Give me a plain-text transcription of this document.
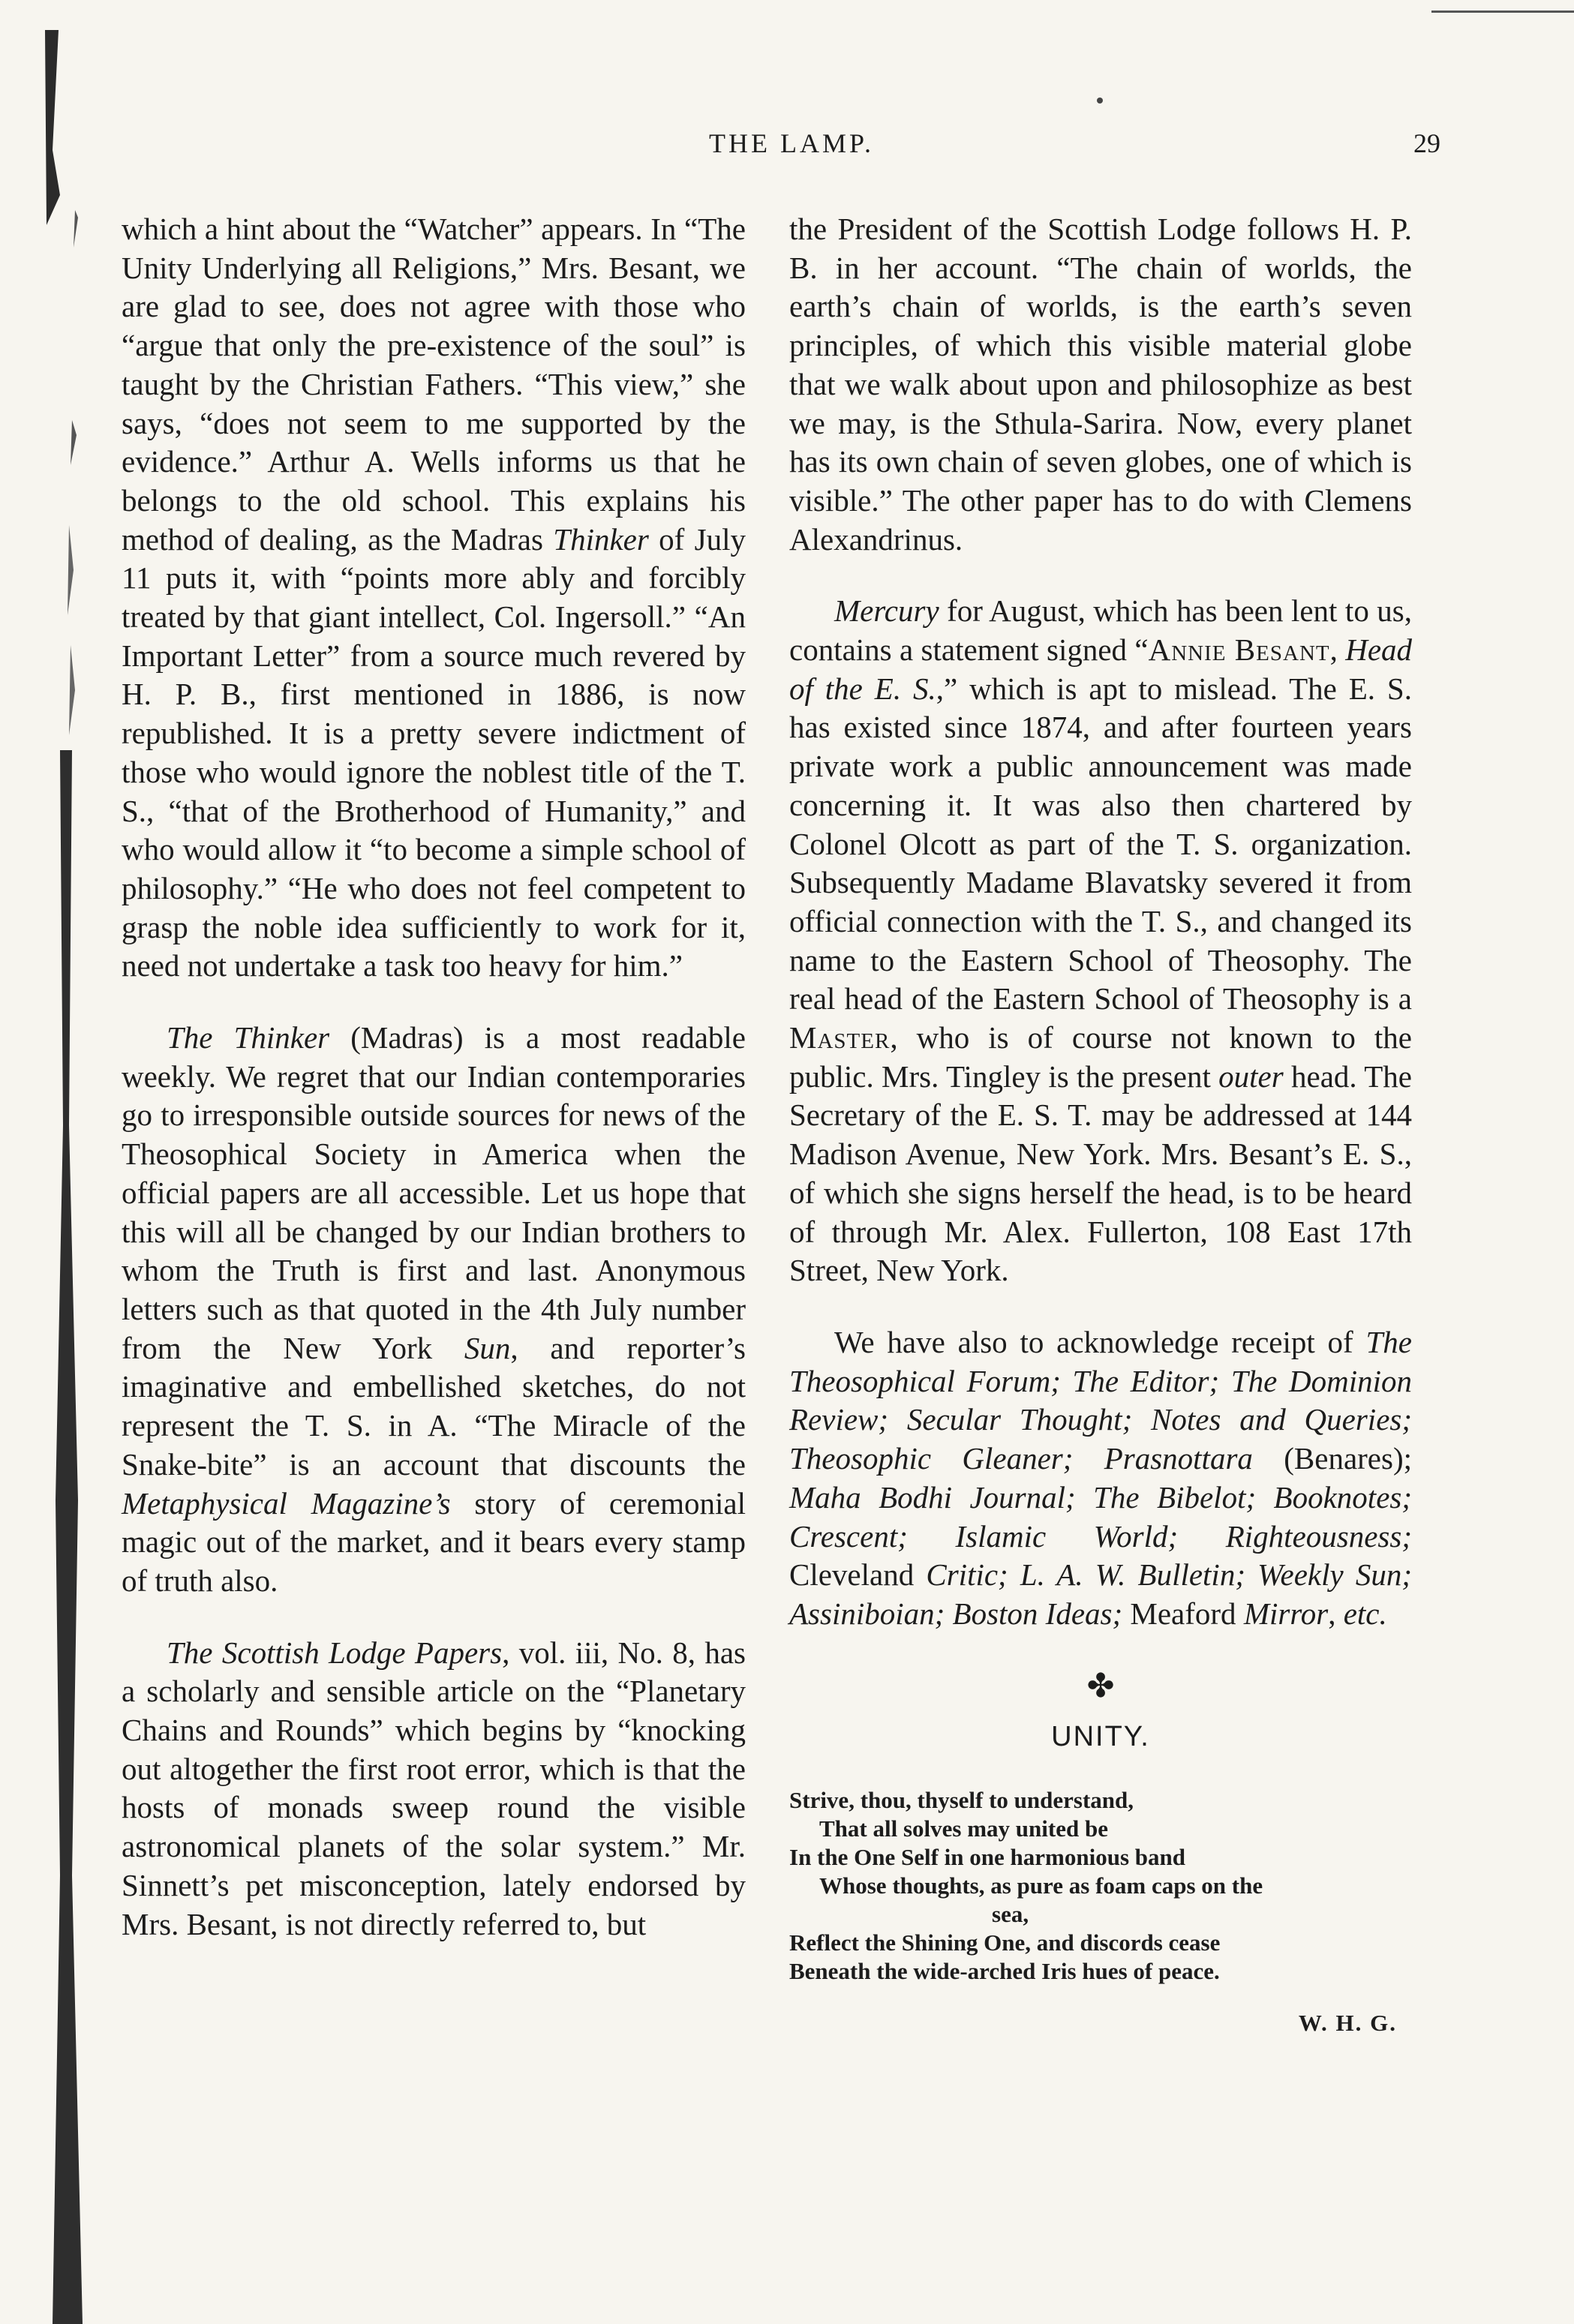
THE LAMP.	29

which a hint about the “Watcher” appears. In “The Unity Underlying all Religions,” Mrs. Besant, we are glad to see, does not agree with those who “argue that only the pre-existence of the soul” is taught by the Christian Fathers. “This view,” she says, “does not seem to me supported by the evidence.” Arthur A. Wells informs us that he belongs to the old school. This explains his method of dealing, as the Madras Thinker of July 11 puts it, with “points more ably and forcibly treated by that giant intellect, Col. Ingersoll.” “An Important Letter” from a source much revered by H. P. B., first mentioned in 1886, is now republished. It is a pretty severe indictment of those who would ignore the noblest title of the T. S., “that of the Brotherhood of Humanity,” and who would allow it “to become a simple school of philosophy.” “He who does not feel competent to grasp the noble idea sufficiently to work for it, need not undertake a task too heavy for him.”

The Thinker (Madras) is a most readable weekly. We regret that our Indian contemporaries go to irresponsible outside sources for news of the Theosophical Society in America when the official papers are all accessible. Let us hope that this will all be changed by our Indian brothers to whom the Truth is first and last. Anonymous letters such as that quoted in the 4th July number from the New York Sun, and reporter’s imaginative and embellished sketches, do not represent the T. S. in A. “The Miracle of the Snake-bite” is an account that discounts the Metaphysical Magazine’s story of ceremonial magic out of the market, and it bears every stamp of truth also.

The Scottish Lodge Papers, vol. iii, No. 8, has a scholarly and sensible article on the “Planetary Chains and Rounds” which begins by “knocking out altogether the first root error, which is that the hosts of monads sweep round the visible astronomical planets of the solar system.” Mr. Sinnett’s pet misconception, lately endorsed by Mrs. Besant, is not directly referred to, but

the President of the Scottish Lodge follows H. P. B. in her account. “The chain of worlds, the earth’s chain of worlds, is the earth’s seven principles, of which this visible material globe that we walk about upon and philosophize as best we may, is the Sthula-Sarira. Now, every planet has its own chain of seven globes, one of which is visible.” The other paper has to do with Clemens Alexandrinus.

Mercury for August, which has been lent to us, contains a statement signed “Annie Besant, Head of the E. S.,” which is apt to mislead. The E. S. has existed since 1874, and after fourteen years private work a public announcement was made concerning it. It was also then chartered by Colonel Olcott as part of the T. S. organization. Subsequently Madame Blavatsky severed it from official connection with the T. S., and changed its name to the Eastern School of Theosophy. The real head of the Eastern School of Theosophy is a Master, who is of course not known to the public. Mrs. Tingley is the present outer head. The Secretary of the E. S. T. may be addressed at 144 Madison Avenue, New York. Mrs. Besant’s E. S., of which she signs herself the head, is to be heard of through Mr. Alex. Fullerton, 108 East 17th Street, New York.

We have also to acknowledge receipt of The Theosophical Forum; The Editor; The Dominion Review; Secular Thought; Notes and Queries; Theosophic Gleaner; Prasnottara (Benares); Maha Bodhi Journal; The Bibelot; Booknotes; Crescent; Islamic World; Righteousness; Cleveland Critic; L. A. W. Bulletin; Weekly Sun; Assiniboian; Boston Ideas; Meaford Mirror, etc.

✤
UNITY.
Strive, thou, thyself to understand,
That all solves may united be
In the One Self in one harmonious band
Whose thoughts, as pure as foam caps on the
sea,
Reflect the Shining One, and discords cease
Beneath the wide-arched Iris hues of peace.
W. H. G.
